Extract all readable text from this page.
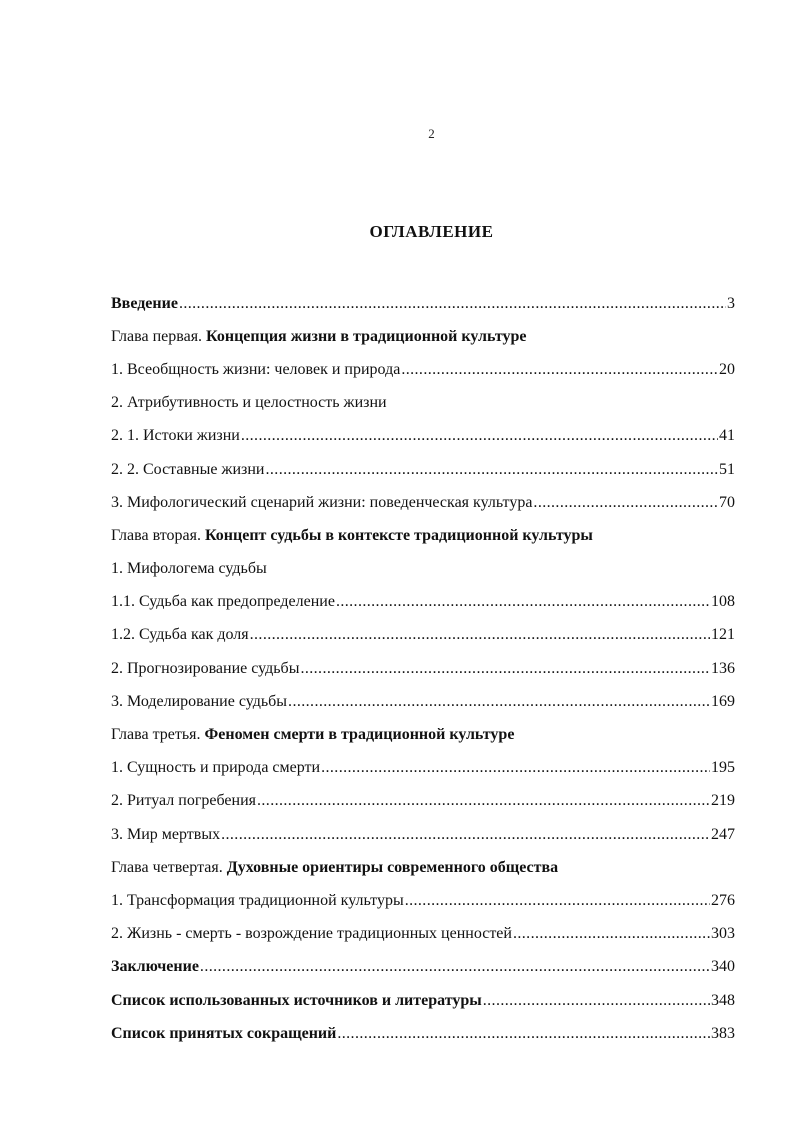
2
ОГЛАВЛЕНИЕ
Введение .....	3
Глава первая. Концепция жизни в традиционной культуре
1. Всеобщность жизни: человек и природа .....	20
2. Атрибутивность и целостность жизни
2. 1. Истоки жизни .....	41
2. 2. Составные жизни .....	51
3. Мифологический сценарий жизни: поведенческая культура .....	70
Глава вторая. Концепт судьбы в контексте традиционной культуры
1. Мифологема судьбы
1.1. Судьба как предопределение .....	108
1.2. Судьба как доля .....	121
2. Прогнозирование судьбы .....	136
3. Моделирование судьбы .....	169
Глава третья. Феномен смерти в традиционной культуре
1. Сущность и природа смерти .....	195
2. Ритуал погребения .....	219
3. Мир мертвых .....	247
Глава четвертая. Духовные ориентиры современного общества
1. Трансформация традиционной культуры .....	276
2. Жизнь - смерть - возрождение традиционных ценностей .....	303
Заключение .....	340
Список использованных источников и литературы .....	348
Список принятых сокращений .....	383
